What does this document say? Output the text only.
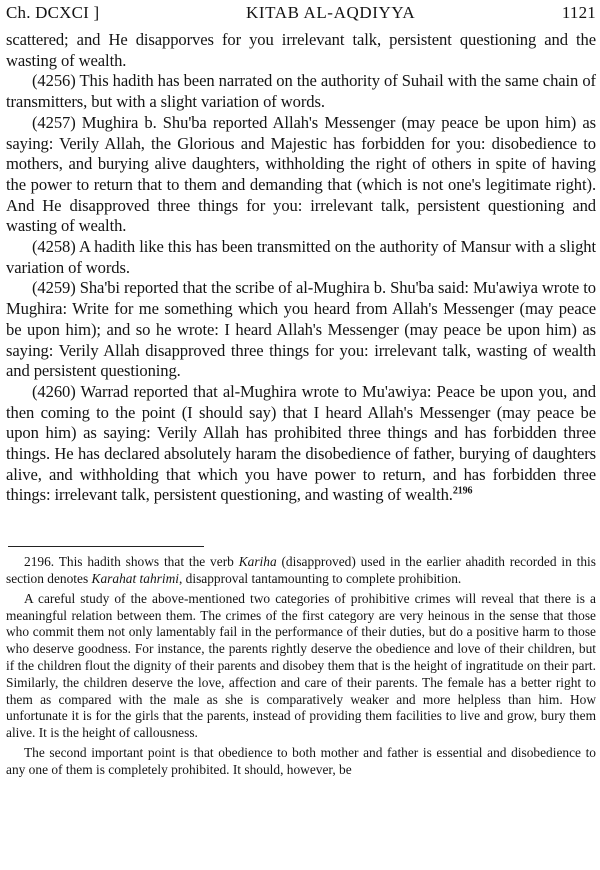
Ch. DCXCI ]	KITAB AL-AQDIYYA	1121

scattered; and He disapporves for you irrelevant talk, persistent questioning and the wasting of wealth.

(4256) This hadith has been narrated on the authority of Suhail with the same chain of transmitters, but with a slight variation of words.

(4257) Mughira b. Shu'ba reported Allah's Messenger (may peace be upon him) as saying: Verily Allah, the Glorious and Majestic has forbidden for you: disobedience to mothers, and burying alive daughters, withholding the right of others in spite of having the power to return that to them and demanding that (which is not one's legitimate right). And He disapproved three things for you: irrelevant talk, persistent questioning and wasting of wealth.

(4258) A hadith like this has been transmitted on the authority of Mansur with a slight variation of words.

(4259) Sha'bi reported that the scribe of al-Mughira b. Shu'ba said: Mu'awiya wrote to Mughira: Write for me something which you heard from Allah's Messenger (may peace be upon him); and so he wrote: I heard Allah's Messenger (may peace be upon him) as saying: Verily Allah disapproved three things for you: irrelevant talk, wasting of wealth and persistent questioning.

(4260) Warrad reported that al-Mughira wrote to Mu'awiya: Peace be upon you, and then coming to the point (I should say) that I heard Allah's Messenger (may peace be upon him) as saying: Verily Allah has prohibited three things and has forbidden three things. He has declared absolutely haram the disobedience of father, burying of daughters alive, and withholding that which you have power to return, and has forbidden three things: irrelevant talk, persistent questioning, and wasting of wealth.$^{2196}$

2196. This hadith shows that the verb Kariha (disapproved) used in the earlier ahadith recorded in this section denotes Karahat tahrimi, disapproval tantamounting to complete prohibition.

A careful study of the above-mentioned two categories of prohibitive crimes will reveal that there is a meaningful relation between them. The crimes of the first category are very heinous in the sense that those who commit them not only lamentably fail in the performance of their duties, but do a positive harm to those who deserve goodness. For instance, the parents rightly deserve the obedience and love of their children, but if the children flout the dignity of their parents and disobey them that is the height of ingratitude on their part. Similarly, the children deserve the love, affection and care of their parents. The female has a better right to them as compared with the male as she is comparatively weaker and more helpless than him. How unfortunate it is for the girls that the parents, instead of providing them facilities to live and grow, bury them alive. It is the height of callousness.

The second important point is that obedience to both mother and father is essential and disobedience to any one of them is completely prohibited. It should, however, be
